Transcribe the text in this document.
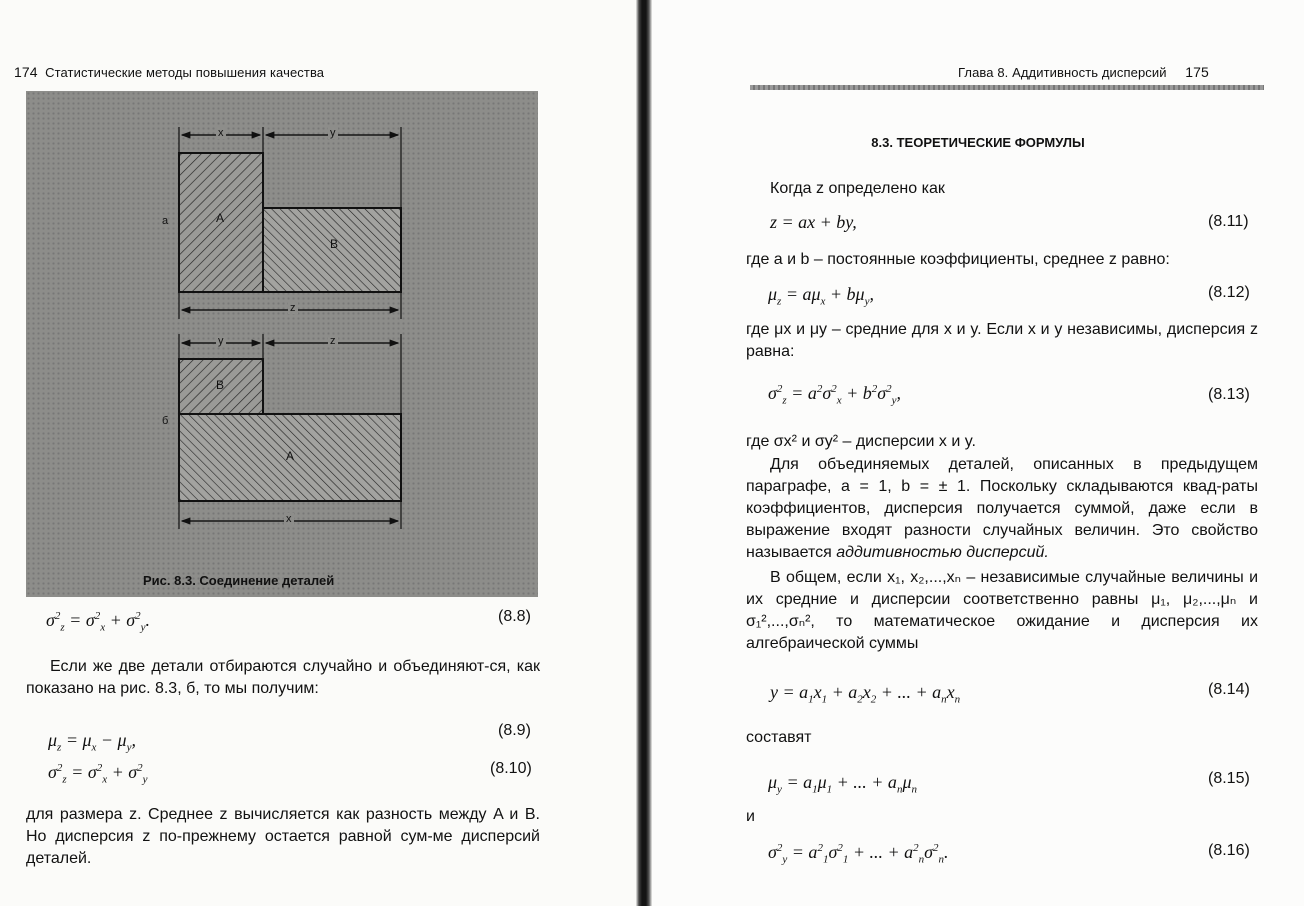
174 Статистические методы повышения качества
x	y
z
A
B
а
y	z
B
A
б
x
Рис. 8.3. Соединение деталей
$\sigma^2_z = \sigma^2_x + \sigma^2_y$.	(8.8)
Если же две детали отбираются случайно и объединяют-ся, как показано на рис. 8.3, б, то мы получим:
$\mu_z = \mu_x - \mu_y$,	(8.9)
$\sigma^2_z = \sigma^2_x + \sigma^2_y$
(8.10)
для размера z. Среднее z вычисляется как разность между A и B. Но дисперсия z по-прежнему остается равной сум-ме дисперсий деталей.
Глава 8. Аддитивность дисперсий 175
8.3. ТЕОРЕТИЧЕСКИЕ ФОРМУЛЫ
Когда z определено как
z = ax + by,	(8.11)
где a и b – постоянные коэффициенты, среднее z равно:
$\mu_z = a\mu_x + b\mu_y$,	(8.12)
где μx и μy – средние для x и y. Если x и y независимы, дисперсия z равна:
$\sigma^2_z = a^2\sigma^2_x + b^2\sigma^2_y$,	(8.13)
где σx² и σy² – дисперсии x и y.
Для объединяемых деталей, описанных в предыдущем параграфе, a = 1, b = ± 1. Поскольку складываются квад-раты коэффициентов, дисперсия получается суммой, даже если в выражение входят разности случайных величин. Это свойство называется аддитивностью дисперсий.
В общем, если x₁, x₂,...,xₙ – независимые случайные величины и их средние и дисперсии соответственно равны μ₁, μ₂,...,μₙ и σ₁²,...,σₙ², то математическое ожидание и дисперсия их алгебраической суммы
$y = a_1x_1 + a_2x_2$ + ... + $a_nx_n$
(8.14)
составят
$\mu_y = a_1\mu_1$ + ... + $a_n\mu_n$
(8.15)
и
$\sigma^2_y = a^2_1\sigma^2_1$ + ... + $a^2_n\sigma^2_n$.	(8.16)
